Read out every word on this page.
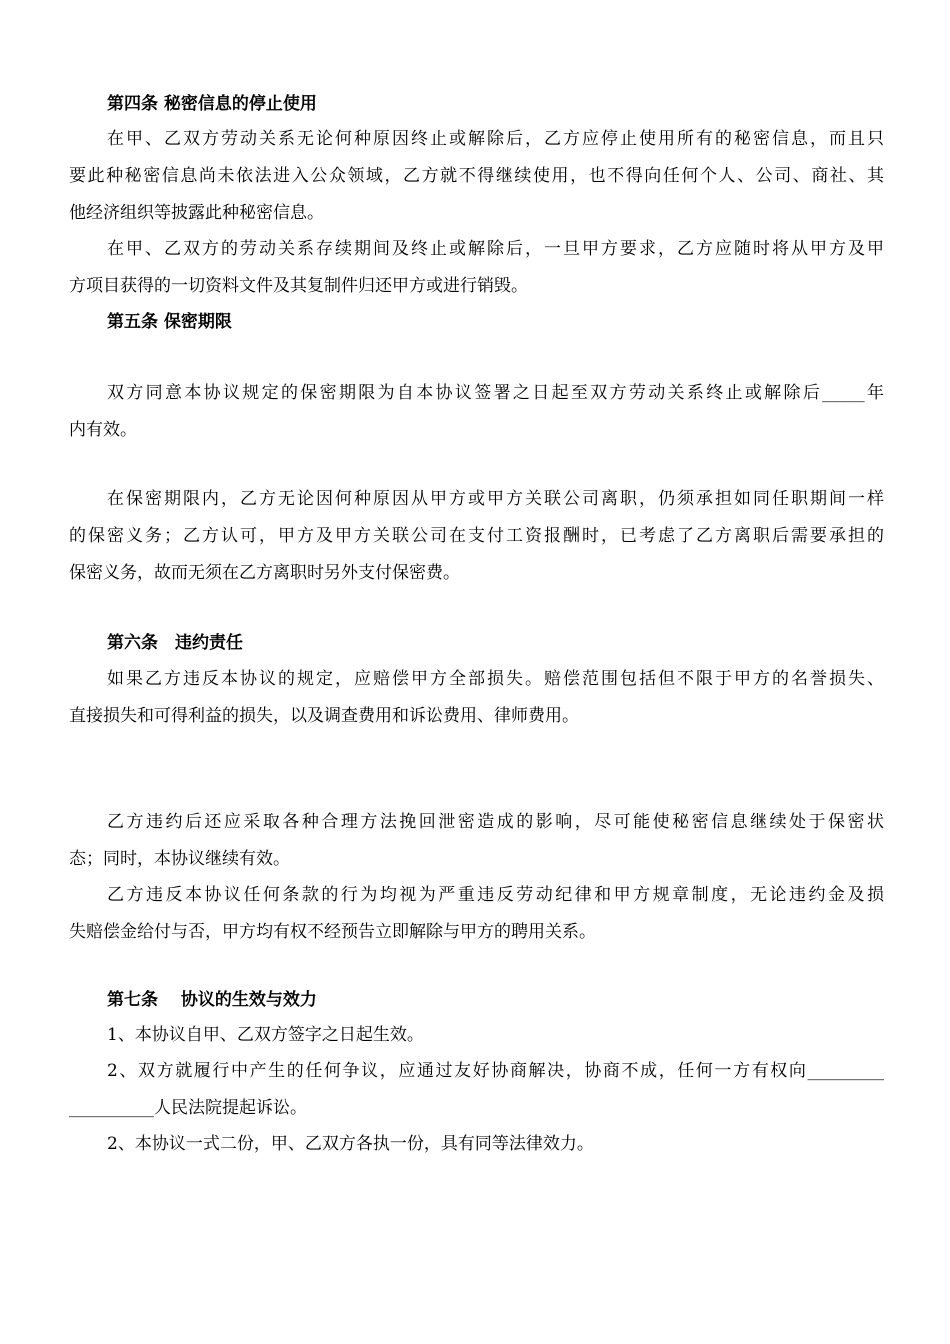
第四条 秘密信息的停止使用
在甲、乙双方劳动关系无论何种原因终止或解除后，乙方应停止使用所有的秘密信息，而且只
要此种秘密信息尚未依法进入公众领域，乙方就不得继续使用，也不得向任何个人、公司、商社、其
他经济组织等披露此种秘密信息。
在甲、乙双方的劳动关系存续期间及终止或解除后，一旦甲方要求，乙方应随时将从甲方及甲
方项目获得的一切资料文件及其复制件归还甲方或进行销毁。
第五条 保密期限
双方同意本协议规定的保密期限为自本协议签署之日起至双方劳动关系终止或解除后_____年
内有效。
在保密期限内，乙方无论因何种原因从甲方或甲方关联公司离职，仍须承担如同任职期间一样
的保密义务；乙方认可，甲方及甲方关联公司在支付工资报酬时，已考虑了乙方离职后需要承担的
保密义务，故而无须在乙方离职时另外支付保密费。
第六条　违约责任
如果乙方违反本协议的规定，应赔偿甲方全部损失。赔偿范围包括但不限于甲方的名誉损失、
直接损失和可得利益的损失，以及调查费用和诉讼费用、律师费用。
乙方违约后还应采取各种合理方法挽回泄密造成的影响，尽可能使秘密信息继续处于保密状
态；同时，本协议继续有效。
乙方违反本协议任何条款的行为均视为严重违反劳动纪律和甲方规章制度，无论违约金及损
失赔偿金给付与否，甲方均有权不经预告立即解除与甲方的聘用关系。
第七条　 协议的生效与效力
1、本协议自甲、乙双方签字之日起生效。
2、双方就履行中产生的任何争议，应通过友好协商解决，协商不成，任何一方有权向_________
__________人民法院提起诉讼。
2、本协议一式二份，甲、乙双方各执一份，具有同等法律效力。
